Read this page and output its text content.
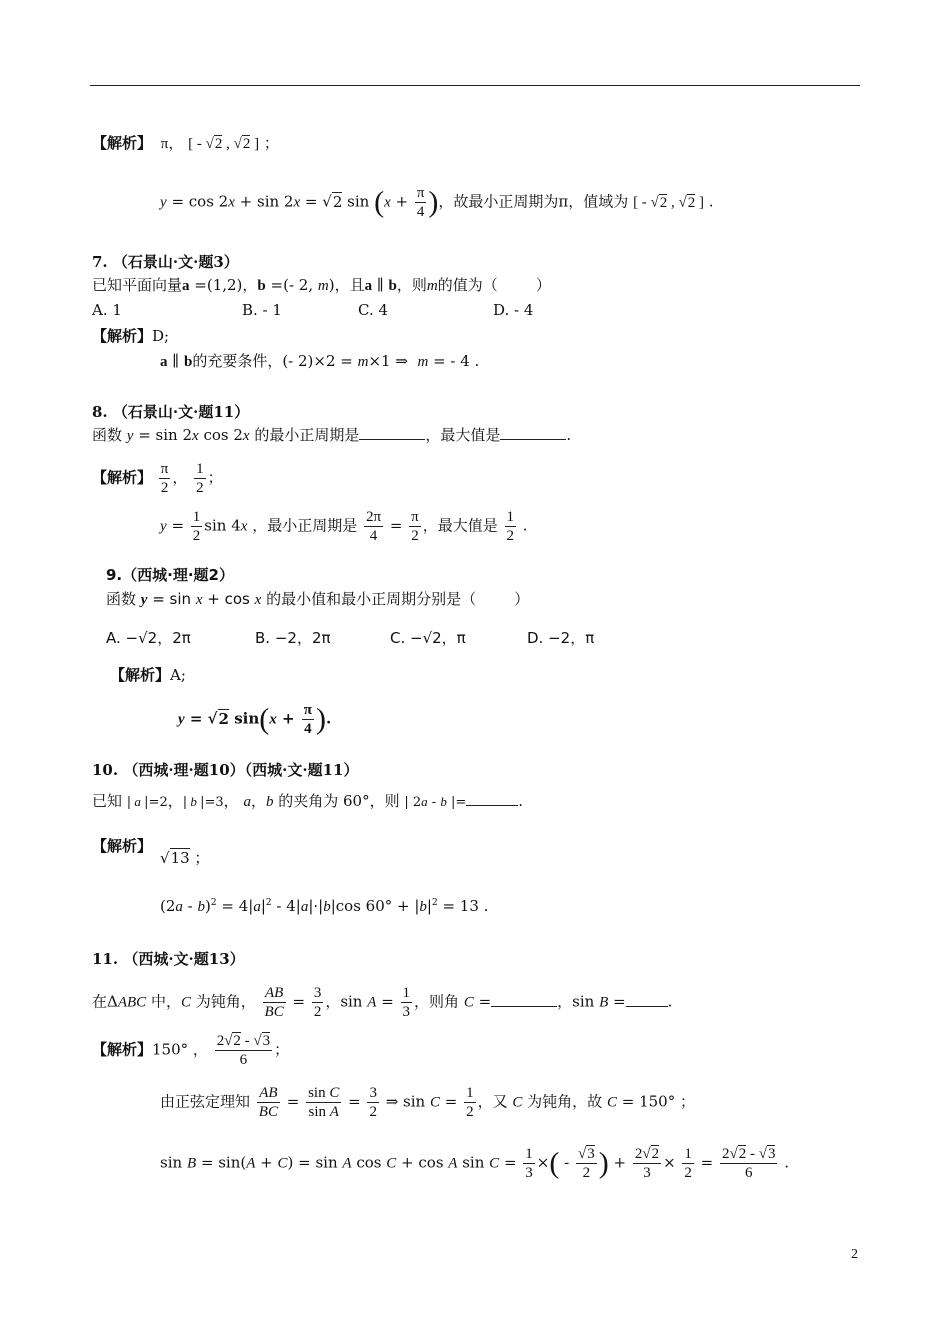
【解析】 π， [ - √2 , √2 ] ；
y = cos 2x + sin 2x = √2 $\sin (x + \frac{\pi}{4}$ )，故最小正周期为π，值域为 [ - √2 , √2 ] .
7. （石景山·文·题3）
已知平面向量a =(1,2)，b =(- 2, m)，且a ∥ b，则m的值为（        ）
A. 1	B. - 1	C. 4	D. - 4
【解析】D;
a ∥ b的充要条件，(- 2)×2 = m×1 ⇒  m = - 4 .
8. （石景山·文·题11）
函数 y = sin 2x cos 2x 的最小正周期是	，最大值是	.
【解析】 $\frac{\pi}{2}$ ， $\frac{1}{2}$ ；
$y = \frac{1}{2}$ sin 4x ，最小正周期是 $\frac{2\pi}{4} = \frac{\pi}{2}$ ，最大值是 $\frac{1}{2}$ .
9.（西城·理·题2）
函数 y = sin x + cos x 的最小值和最小正周期分别是（        ）
A. −√2，2π	B. −2，2π	C. −√2，π	D. −2，π
【解析】A;
y = √2 $\sin(x + \frac{\pi}{4}$ ).
10. （西城·理·题10）（西城·文·题11）
已知 | a |=2，| b |=3， a，b 的夹角为 60°，则 | 2a - b |=	.
【解析】
√13 ；
$(2a - b)^2 = 4|a|^2 - 4|a|\cdot|b|\cos$ $60^\circ + |b|^2 = 13$ .
11. （西城·文·题13）
在ΔABC 中，C 为钝角， $\frac{AB}{BC} = \frac{3}{2}$ ，$\sin A = \frac{1}{3}$ ，则角 C =	，sin B =	.
【解析】150° ， $\frac{2√2 - √3}{6}$ ；
由正弦定理知 $\frac{AB}{BC} = \frac{\text{sin C}}{\text{sin A}} = \frac{3}{2}$ ⇒ $\sin C = \frac{1}{2}$ ，又 C 为钝角，故 C = 150° ；
sin B = sin(A + C) = sin A cos C + cos A $\sin C = \frac{1}{3}$ ×( - $\frac{√3}{2}$ ) + $\frac{2√2}{3} \times \frac{1}{2} = \frac{2√2 - √3}{6}$ .
2
